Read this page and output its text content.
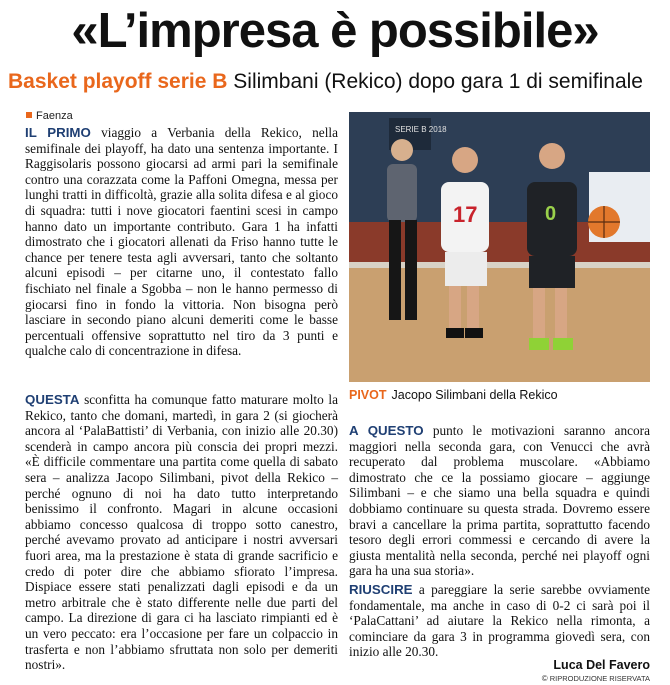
«L’impresa è possibile»
Basket playoff serie B Silimbani (Rekico) dopo gara 1 di semifinale
Faenza

IL PRIMO viaggio a Verbania della Rekico, nella semifinale dei playoff, ha dato una sentenza importante. I Raggisolaris possono giocarsi ad armi pari la semifinale contro una corazzata come la Paffoni Omegna, messa per lunghi tratti in difficoltà, grazie alla solita difesa e al gioco di squadra: tutti i nove giocatori faentini scesi in campo hanno dato un importante contributo. Gara 1 ha infatti dimostrato che i giocatori allenati da Friso hanno tutte le chance per tenere testa agli avversari, tanto che soltanto alcuni episodi – per citarne uno, il contestato fallo fischiato nel finale a Sgobba – non le hanno permesso di giocarsi fino in fondo la vittoria. Non bisogna però lasciare in secondo piano alcuni demeriti come le basse percentuali offensive soprattutto nel tiro da 3 punti e qualche calo di concentrazione in difesa.

QUESTA sconfitta ha comunque fatto maturare molto la Rekico, tanto che domani, martedì, in gara 2 (si giocherà ancora al ‘PalaBattisti’ di Verbania, con inizio alle 20.30) scenderà in campo ancora più conscia dei propri mezzi. «È difficile commentare una partita come quella di sabato sera – analizza Jacopo Silimbani, pivot della Rekico – perché ognuno di noi ha dato tutto interpretando benissimo il confronto. Magari in alcune occasioni abbiamo concesso qualcosa di troppo sotto canestro, perché avevamo provato ad anticipare i nostri avversari fuori area, ma la prestazione è stata di grande sacrificio e credo di poter dire che abbiamo sfiorato l’impresa. Dispiace essere stati penalizzati dagli episodi e da un metro arbitrale che è stato differente nelle due parti del campo. La direzione di gara ci ha lasciato rimpianti ed è un vero peccato: era l’occasione per fare un colpaccio in trasferta e non l’abbiamo sfruttata non solo per demeriti nostri».

SERIE B 2018
17	0
PIVOT Jacopo Silimbani della Rekico

A QUESTO punto le motivazioni saranno ancora maggiori nella seconda gara, con Venucci che avrà recuperato dal problema muscolare. «Abbiamo dimostrato che ce la possiamo giocare – aggiunge Silimbani – e che siamo una bella squadra e quindi dobbiamo continuare su questa strada. Dovremo essere bravi a cancellare la prima partita, soprattutto facendo tesoro degli errori commessi e cercando di avere la giusta mentalità nella seconda, perché nei playoff ogni gara ha una sua storia».

RIUSCIRE a pareggiare la serie sarebbe ovviamente fondamentale, ma anche in caso di 0-2 ci sarà poi il ‘PalaCattani’ ad aiutare la Rekico nella rimonta, a cominciare da gara 3 in programma giovedì sera, con inizio alle 20.30.

Luca Del Favero
© RIPRODUZIONE RISERVATA
